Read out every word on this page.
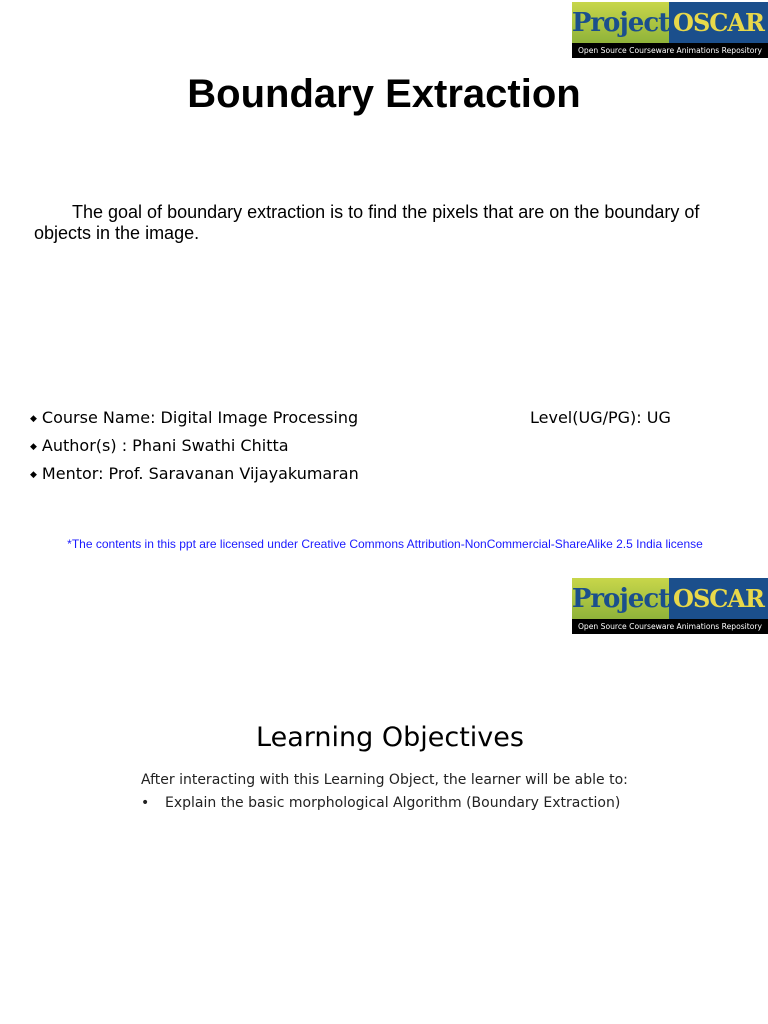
Project OSCAR
Open Source Courseware Animations Repository
Boundary Extraction
The goal of boundary extraction is to find the pixels that are on the boundary of objects in the image.
◆ Course Name: Digital Image Processing	Level(UG/PG): UG
◆ Author(s) : Phani Swathi Chitta
◆ Mentor: Prof. Saravanan Vijayakumaran
*The contents in this ppt are licensed under Creative Commons Attribution-NonCommercial-ShareAlike 2.5 India license
Project OSCAR
Open Source Courseware Animations Repository
Learning Objectives
After interacting with this Learning Object, the learner will be able to:
• Explain the basic morphological Algorithm (Boundary Extraction)
